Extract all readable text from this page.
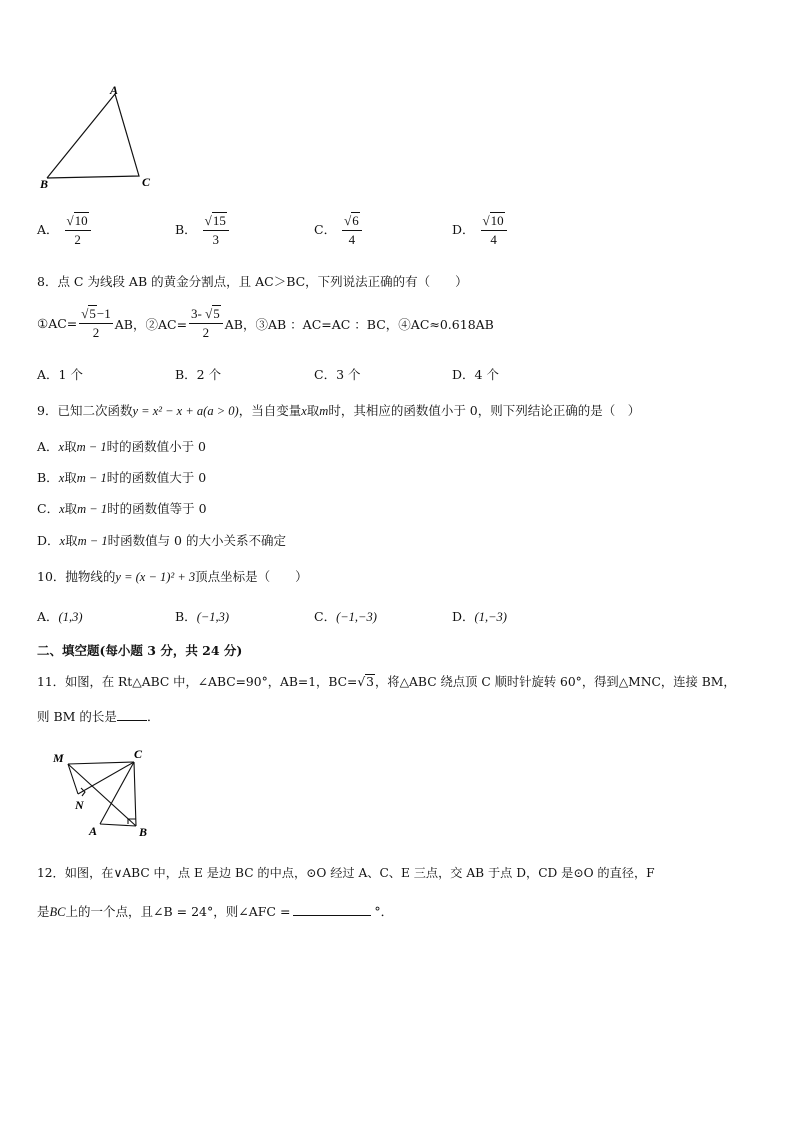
A
B	C
A． $\frac{√10}{2}$	B． $\frac{√15}{3}$	C． $\frac{√6}{4}$	D． $\frac{√10}{4}$
8．点 C 为线段 AB 的黄金分割点，且 AC＞BC，下列说法正确的有（　　）
①AC= $\frac{√5-1}{2}$ AB，②AC= $\frac{3- √5}{2}$ AB，③AB ：AC=AC ：BC，④AC≈0.618AB
A．1 个	B．2 个	C．3 个	D．4 个
9．已知二次函数y = x² − x + a(a > 0)，当自变量x取m时，其相应的函数值小于 0，则下列结论正确的是（　）
A．x取m − 1时的函数值小于 0
B．x取m − 1时的函数值大于 0
C．x取m − 1时的函数值等于 0
D．x取m − 1时函数值与 0 的大小关系不确定
10．抛物线的y = (x − 1)² + 3顶点坐标是（　　）
A．(1,3)	B．(−1,3)	C．(−1,−3)	D．(1,−3)
二、填空题(每小题 3 分，共 24 分)
11．如图，在 Rt△ABC 中，∠ABC=90°，AB=1，BC=√3，将△ABC 绕点顶 C 顺时针旋转 60°，得到△MNC，连接 BM，
则 BM 的长是 ．
M	C
N
A	B
12．如图，在∨ABC 中，点 E 是边 BC 的中点，⊙O 经过 A、C、E 三点，交 AB 于点 D，CD 是⊙O 的直径，F
是BC上的一个点，且∠B = 24°，则∠AFC =	°．
